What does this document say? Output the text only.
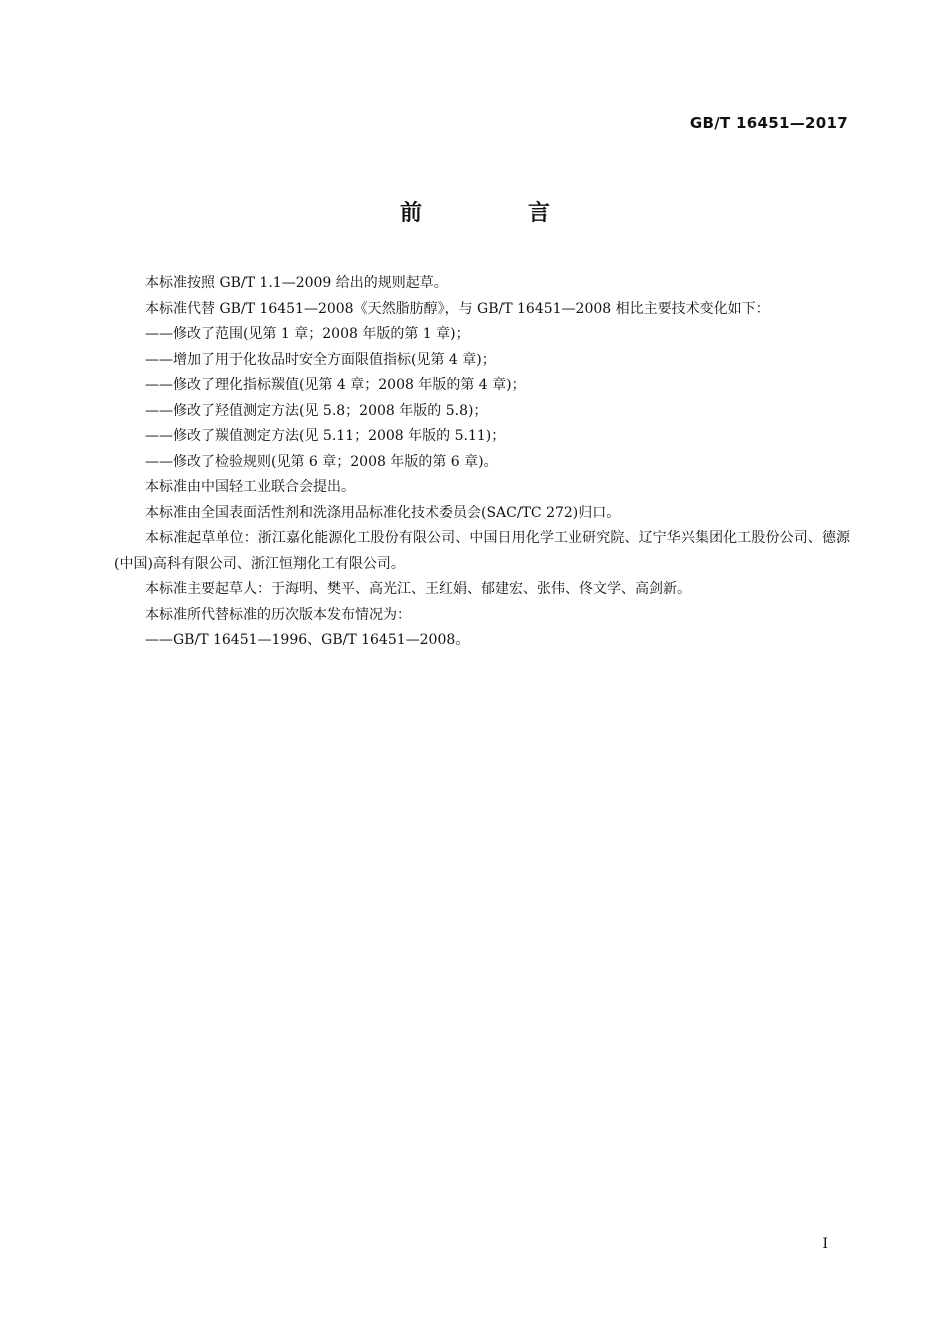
GB/T 16451—2017
前　言

本标准按照 GB/T 1.1—2009 给出的规则起草。

本标准代替 GB/T 16451—2008《天然脂肪醇》，与 GB/T 16451—2008 相比主要技术变化如下：

——修改了范围(见第 1 章；2008 年版的第 1 章)；

——增加了用于化妆品时安全方面限值指标(见第 4 章)；

——修改了理化指标羰值(见第 4 章；2008 年版的第 4 章)；

——修改了羟值测定方法(见 5.8；2008 年版的 5.8)；

——修改了羰值测定方法(见 5.11；2008 年版的 5.11)；

——修改了检验规则(见第 6 章；2008 年版的第 6 章)。

本标准由中国轻工业联合会提出。

本标准由全国表面活性剂和洗涤用品标准化技术委员会(SAC/TC 272)归口。

本标准起草单位：浙江嘉化能源化工股份有限公司、中国日用化学工业研究院、辽宁华兴集团化工股份公司、德源(中国)高科有限公司、浙江恒翔化工有限公司。

本标准主要起草人：于海明、樊平、高光江、王红娟、郁建宏、张伟、佟文学、高剑新。

本标准所代替标准的历次版本发布情况为：

——GB/T 16451—1996、GB/T 16451—2008。

I
